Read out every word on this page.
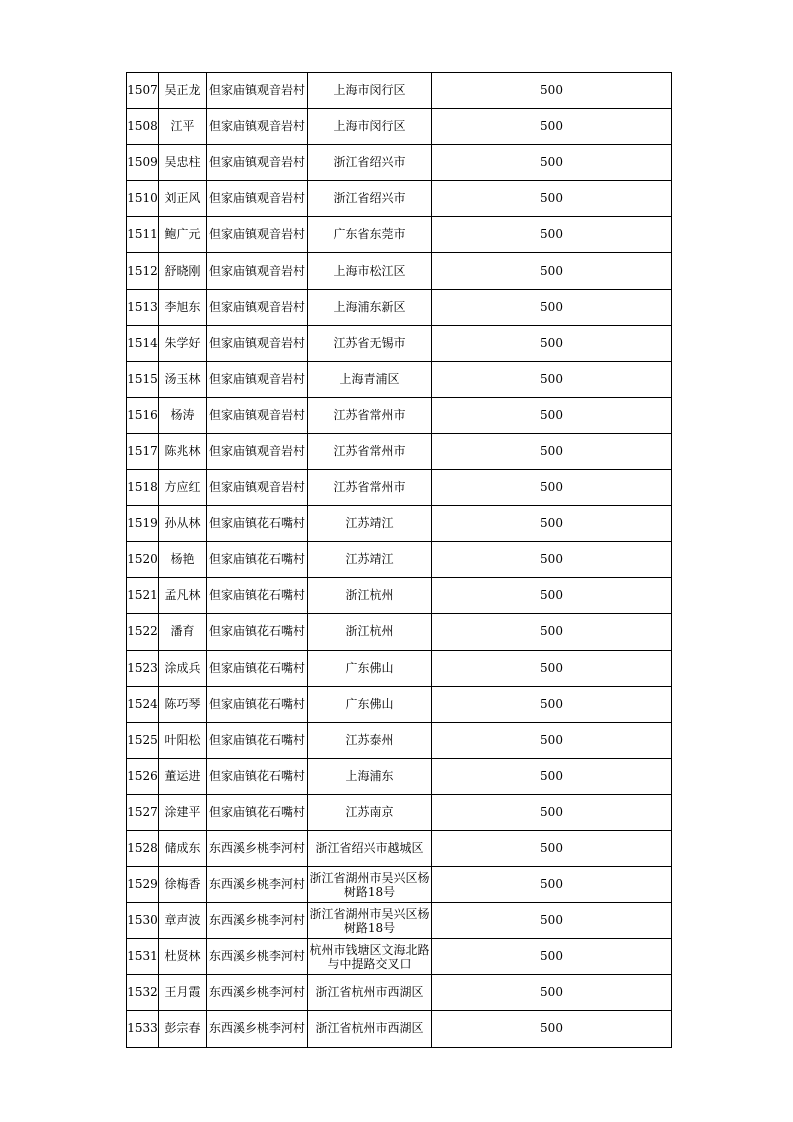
1507	吴正龙	但家庙镇观音岩村	上海市闵行区	500
1508	江平	但家庙镇观音岩村	上海市闵行区	500
1509	吴忠柱	但家庙镇观音岩村	浙江省绍兴市	500
1510	刘正风	但家庙镇观音岩村	浙江省绍兴市	500
1511	鲍广元	但家庙镇观音岩村	广东省东莞市	500
1512	舒晓刚	但家庙镇观音岩村	上海市松江区	500
1513	李旭东	但家庙镇观音岩村	上海浦东新区	500
1514	朱学好	但家庙镇观音岩村	江苏省无锡市	500
1515	汤玉林	但家庙镇观音岩村	上海青浦区	500
1516	杨涛	但家庙镇观音岩村	江苏省常州市	500
1517	陈兆林	但家庙镇观音岩村	江苏省常州市	500
1518	方应红	但家庙镇观音岩村	江苏省常州市	500
1519	孙从林	但家庙镇花石嘴村	江苏靖江	500
1520	杨艳	但家庙镇花石嘴村	江苏靖江	500
1521	孟凡林	但家庙镇花石嘴村	浙江杭州	500
1522	潘育	但家庙镇花石嘴村	浙江杭州	500
1523	涂成兵	但家庙镇花石嘴村	广东佛山	500
1524	陈巧琴	但家庙镇花石嘴村	广东佛山	500
1525	叶阳松	但家庙镇花石嘴村	江苏泰州	500
1526	董运进	但家庙镇花石嘴村	上海浦东	500
1527	涂建平	但家庙镇花石嘴村	江苏南京	500
1528	储成东	东西溪乡桃李河村	浙江省绍兴市越城区	500
1529	徐梅香	东西溪乡桃李河村	浙江省湖州市吴兴区杨树路18号	500
1530	章声波	东西溪乡桃李河村	浙江省湖州市吴兴区杨树路18号	500
1531	杜贤林	东西溪乡桃李河村	杭州市钱塘区文海北路与中提路交叉口	500
1532	王月霞	东西溪乡桃李河村	浙江省杭州市西湖区	500
1533	彭宗春	东西溪乡桃李河村	浙江省杭州市西湖区	500
